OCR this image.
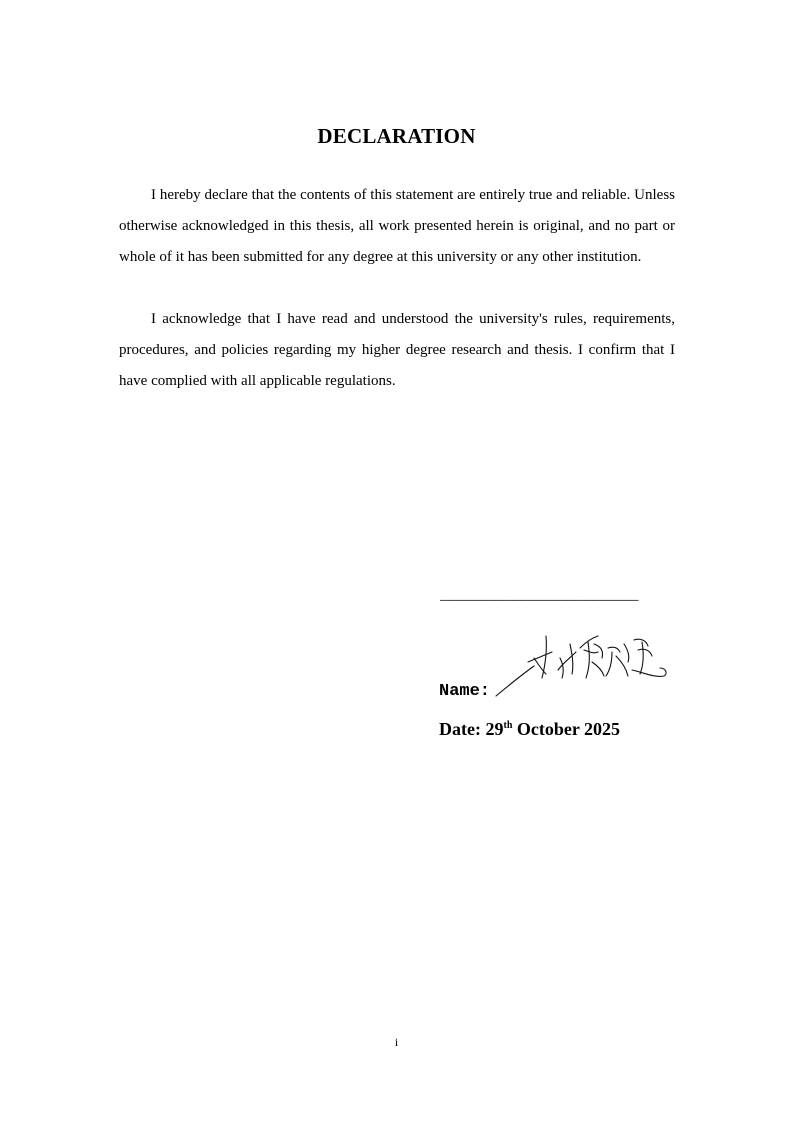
DECLARATION

I hereby declare that the contents of this statement are entirely true and reliable. Unless otherwise acknowledged in this thesis, all work presented herein is original, and no part or whole of it has been submitted for any degree at this university or any other institution.

I acknowledge that I have read and understood the university's rules, requirements, procedures, and policies regarding my higher degree research and thesis. I confirm that I have complied with all applicable regulations.

______________________
Name:
Date: 29th October 2025
i
